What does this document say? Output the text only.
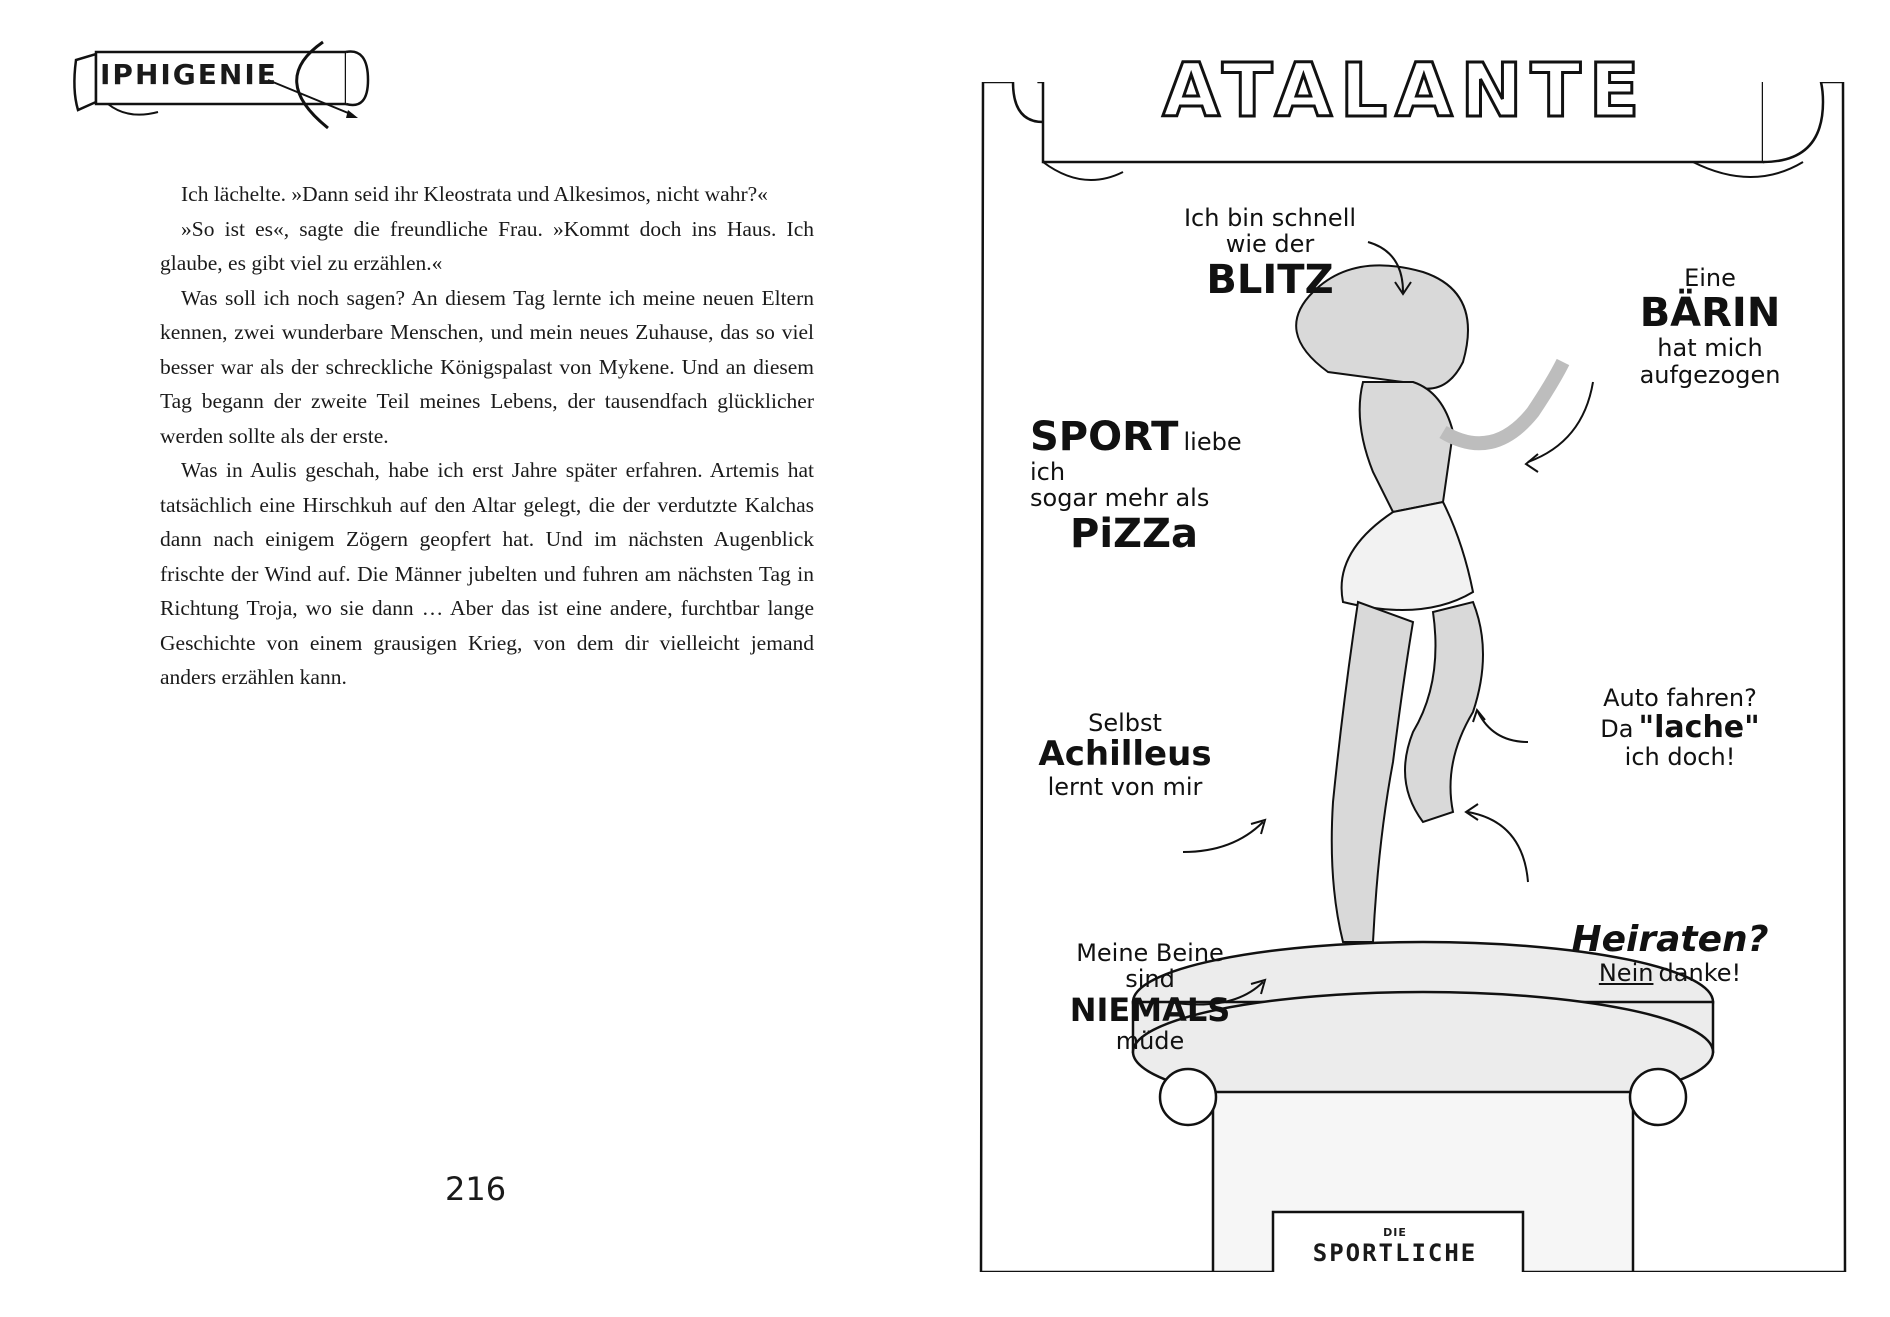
IPHIGENIE

Ich lächelte. »Dann seid ihr Kleostrata und Alkesimos, nicht wahr?«

»So ist es«, sagte die freundliche Frau. »Kommt doch ins Haus. Ich glaube, es gibt viel zu erzählen.«

Was soll ich noch sagen? An diesem Tag lernte ich meine neuen Eltern kennen, zwei wunderbare Menschen, und mein neues Zuhause, das so viel besser war als der schreckliche Königspalast von Mykene. Und an diesem Tag begann der zweite Teil meines Lebens, der tausendfach glücklicher werden sollte als der erste.

Was in Aulis geschah, habe ich erst Jahre später erfahren. Artemis hat tatsächlich eine Hirschkuh auf den Altar gelegt, die der verdutzte Kalchas dann nach einigem Zögern geopfert hat. Und im nächsten Augenblick frischte der Wind auf. Die Männer jubelten und fuhren am nächsten Tag in Richtung Troja, wo sie dann … Aber das ist eine andere, furchtbar lange Geschichte von einem grausigen Krieg, von dem dir vielleicht jemand anders erzählen kann.

216
ATALANTE
Ich bin schnell
wie der
BLITZ	Eine BÄRIN
hat mich
aufgezogen
SPORT liebe ich
sogar mehr als
PiZZa
Selbst
Achilleus
lernt von mir
Auto fahren?
Da "lache"
ich doch!
Meine Beine sind
NIEMALS
müde
Heiraten?
Nein danke!
DIE
SPORTLICHE
